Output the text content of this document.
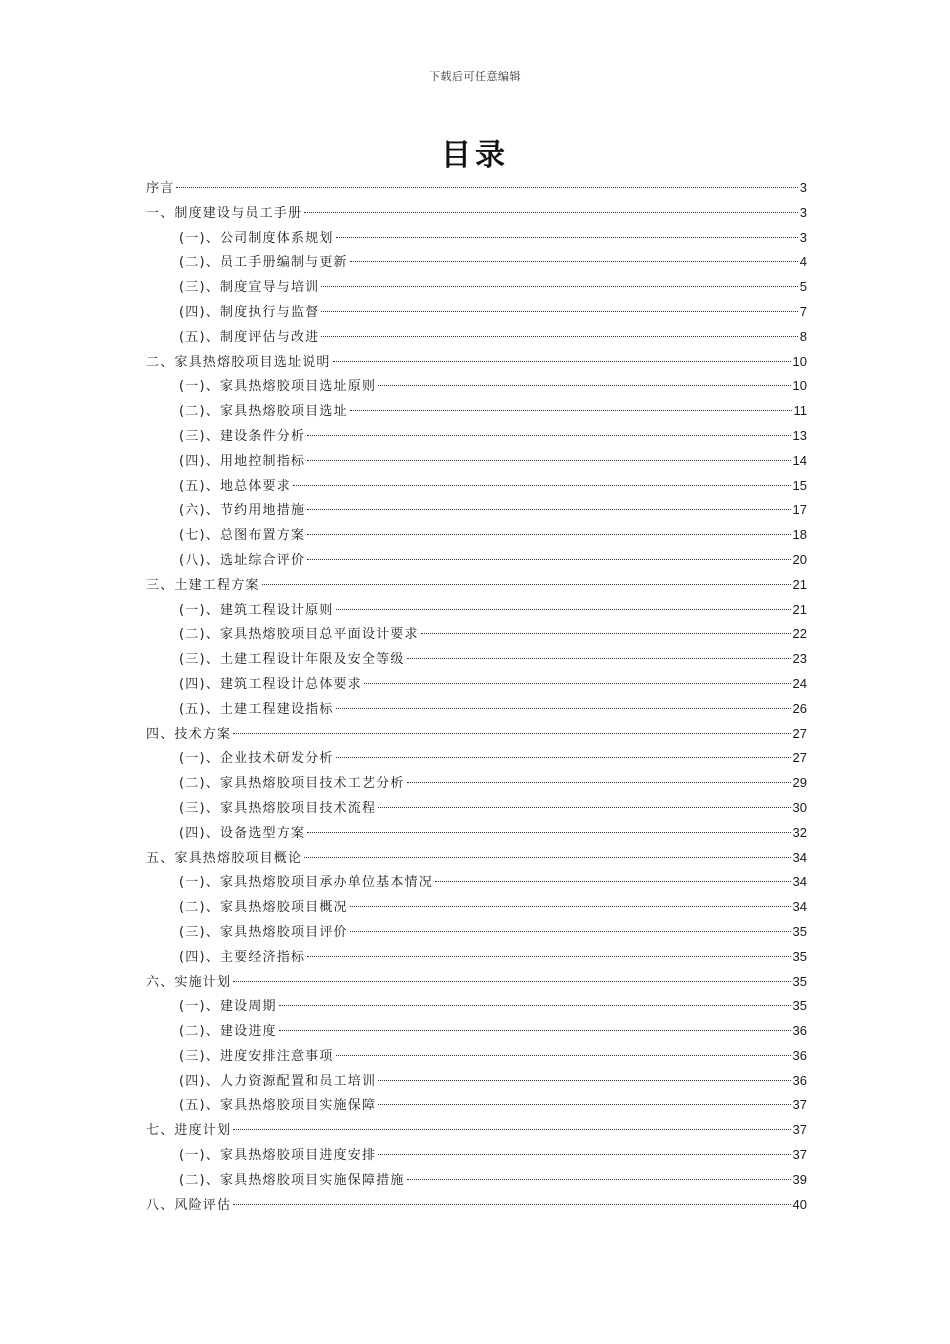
下载后可任意编辑
目录
序言	3
一、制度建设与员工手册	3
(一)、公司制度体系规划	3
(二)、员工手册编制与更新	4
(三)、制度宣导与培训	5
(四)、制度执行与监督	7
(五)、制度评估与改进	8
二、家具热熔胶项目选址说明	10
(一)、家具热熔胶项目选址原则	10
(二)、家具热熔胶项目选址	11
(三)、建设条件分析	13
(四)、用地控制指标	14
(五)、地总体要求	15
(六)、节约用地措施	17
(七)、总图布置方案	18
(八)、选址综合评价	20
三、土建工程方案	21
(一)、建筑工程设计原则	21
(二)、家具热熔胶项目总平面设计要求	22
(三)、土建工程设计年限及安全等级	23
(四)、建筑工程设计总体要求	24
(五)、土建工程建设指标	26
四、技术方案	27
(一)、企业技术研发分析	27
(二)、家具热熔胶项目技术工艺分析	29
(三)、家具热熔胶项目技术流程	30
(四)、设备选型方案	32
五、家具热熔胶项目概论	34
(一)、家具热熔胶项目承办单位基本情况	34
(二)、家具热熔胶项目概况	34
(三)、家具热熔胶项目评价	35
(四)、主要经济指标	35
六、实施计划	35
(一)、建设周期	35
(二)、建设进度	36
(三)、进度安排注意事项	36
(四)、人力资源配置和员工培训	36
(五)、家具热熔胶项目实施保障	37
七、进度计划	37
(一)、家具热熔胶项目进度安排	37
(二)、家具热熔胶项目实施保障措施	39
八、风险评估	40
